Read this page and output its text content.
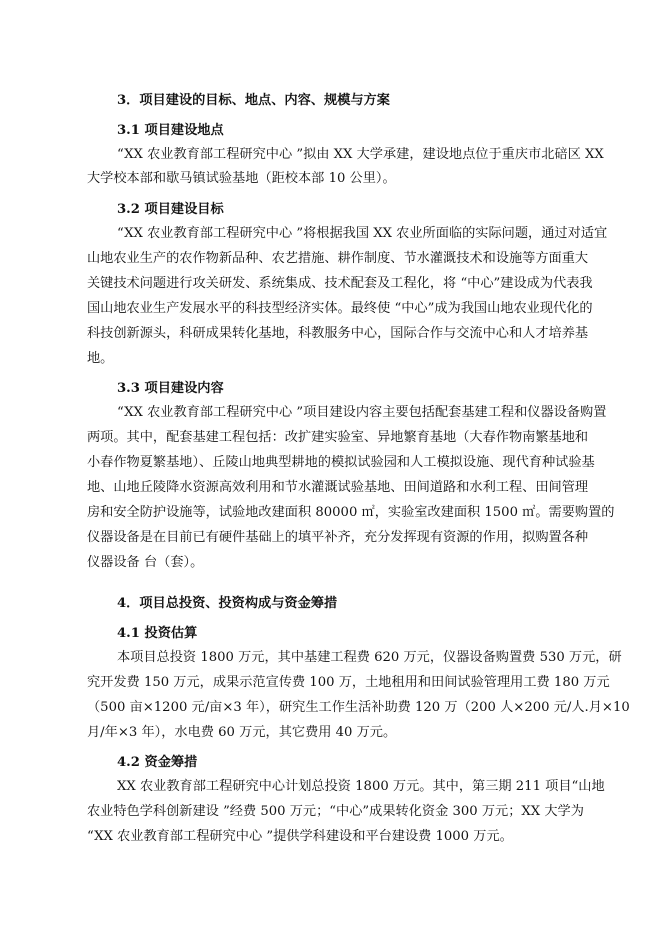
3．项目建设的目标、地点、内容、规模与方案
3.1 项目建设地点
“XX 农业教育部工程研究中心 ”拟由 XX 大学承建，建设地点位于重庆市北碚区 XX
大学校本部和歇马镇试验基地（距校本部 10 公里）。
3.2 项目建设目标
“XX 农业教育部工程研究中心 ”将根据我国 XX 农业所面临的实际问题，通过对适宜
山地农业生产的农作物新品种、农艺措施、耕作制度、节水灌溉技术和设施等方面重大
关键技术问题进行攻关研发、系统集成、技术配套及工程化，将 “中心”建设成为代表我
国山地农业生产发展水平的科技型经济实体。最终使 “中心”成为我国山地农业现代化的
科技创新源头，科研成果转化基地，科教服务中心，国际合作与交流中心和人才培养基
地。
3.3 项目建设内容
“XX 农业教育部工程研究中心 ”项目建设内容主要包括配套基建工程和仪器设备购置
两项。其中，配套基建工程包括：改扩建实验室、异地繁育基地（大春作物南繁基地和
小春作物夏繁基地）、丘陵山地典型耕地的模拟试验园和人工模拟设施、现代育种试验基
地、山地丘陵降水资源高效利用和节水灌溉试验基地、田间道路和水利工程、田间管理
房和安全防护设施等，试验地改建面积 80000 ㎡，实验室改建面积 1500 ㎡。需要购置的
仪器设备是在目前已有硬件基础上的填平补齐，充分发挥现有资源的作用，拟购置各种
仪器设备 台（套）。
4．项目总投资、投资构成与资金筹措
4.1 投资估算
本项目总投资 1800 万元，其中基建工程费 620 万元，仪器设备购置费 530 万元，研
究开发费 150 万元，成果示范宣传费 100 万，土地租用和田间试验管理用工费 180 万元
（500 亩×1200 元/亩×3 年），研究生工作生活补助费 120 万（200 人×200 元/人.月×10
月/年×3 年），水电费 60 万元，其它费用 40 万元。
4.2 资金筹措
XX 农业教育部工程研究中心计划总投资 1800 万元。其中，第三期 211 项目“山地
农业特色学科创新建设 ”经费 500 万元；“中心”成果转化资金 300 万元；XX 大学为
“XX 农业教育部工程研究中心 ”提供学科建设和平台建设费 1000 万元。
